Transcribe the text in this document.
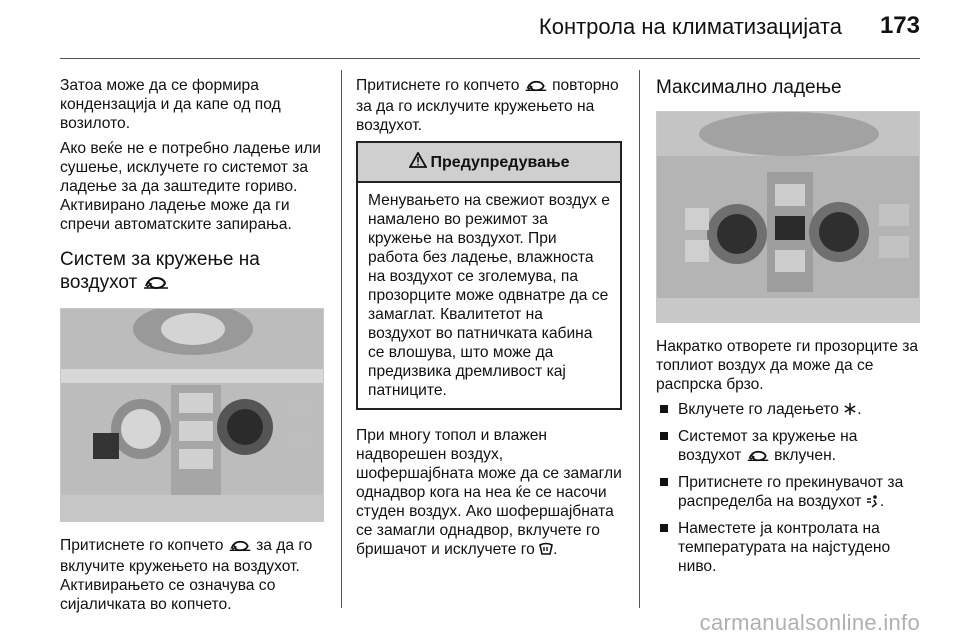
Контрола на климатизацијата 173

Затоа може да се формира кондензација и да капе од под возилото.

Ако веќе не е потребно ладење или сушење, исклучете го системот за ладење за да заштедите гориво. Активирано ладење може да ги спречи автоматските запирања.

Систем за кружење на воздухот

Притиснете го копчето за да го вклучите кружењето на воздухот. Активирањето се означува со сијаличката во копчето.

Притиснете го копчето повторно за да го исклучите кружењето на воздухот.

Предупредување
Менувањето на свежиот воздух е намалено во режимот за кружење на воздухот. При работа без ладење, влажноста на воздухот се зголемува, па прозорците може одвнатре да се замаглат. Квалитетот на воздухот во патничката кабина се влошува, што може да предизвика дремливост кај патниците.

При многу топол и влажен надворешен воздух, шофершајбната може да се замагли однадвор кога на неа ќе се насочи студен воздух. Ако шофершајбната се замагли однадвор, вклучете го бришачот и исклучете го .

Максимално ладење

Накратко отворете ги прозорците за топлиот воздух да може да се распрска брзо.

Вклучете го ладењето .
Системот за кружење на воздухот вклучен.
Притиснете го прекинувачот за распределба на воздухот .
Наместете ја контролата на температурата на најстудено ниво.
carmanualsonline.info
